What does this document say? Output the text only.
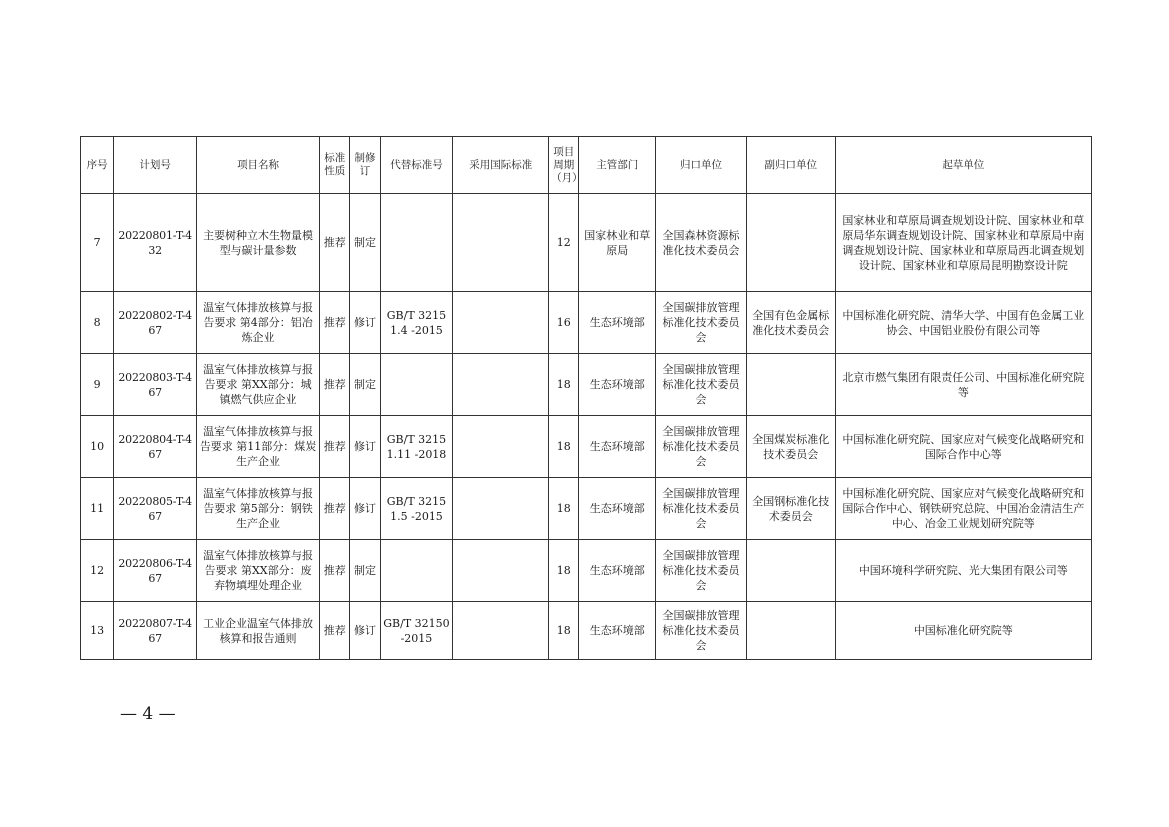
序号	计划号	项目名称	标准性质	制修订	代替标准号	采用国际标准	项目周期（月）	主管部门	归口单位	副归口单位	起草单位
7	20220801-T-432	主要树种立木生物量模型与碳计量参数	推荐	制定			12	国家林业和草原局	全国森林资源标准化技术委员会		国家林业和草原局调查规划设计院、国家林业和草原局华东调查规划设计院、国家林业和草原局中南调查规划设计院、国家林业和草原局西北调查规划设计院、国家林业和草原局昆明勘察设计院
8	20220802-T-467	温室气体排放核算与报告要求 第4部分：铝冶炼企业	推荐	修订	GB/T 32151.4 -2015		16	生态环境部	全国碳排放管理标准化技术委员会	全国有色金属标准化技术委员会	中国标准化研究院、清华大学、中国有色金属工业协会、中国铝业股份有限公司等
9	20220803-T-467	温室气体排放核算与报告要求 第XX部分：城镇燃气供应企业	推荐	制定			18	生态环境部	全国碳排放管理标准化技术委员会		北京市燃气集团有限责任公司、中国标准化研究院等
10	20220804-T-467	温室气体排放核算与报告要求 第11部分：煤炭生产企业	推荐	修订	GB/T 32151.11 -2018		18	生态环境部	全国碳排放管理标准化技术委员会	全国煤炭标准化技术委员会	中国标准化研究院、国家应对气候变化战略研究和国际合作中心等
11	20220805-T-467	温室气体排放核算与报告要求 第5部分：钢铁生产企业	推荐	修订	GB/T 32151.5 -2015		18	生态环境部	全国碳排放管理标准化技术委员会	全国钢标准化技术委员会	中国标准化研究院、国家应对气候变化战略研究和国际合作中心、钢铁研究总院、中国冶金清洁生产中心、冶金工业规划研究院等
12	20220806-T-467	温室气体排放核算与报告要求 第XX部分：废弃物填埋处理企业	推荐	制定			18	生态环境部	全国碳排放管理标准化技术委员会		中国环境科学研究院、光大集团有限公司等
13	20220807-T-467	工业企业温室气体排放核算和报告通则	推荐	修订	GB/T 32150-2015		18	生态环境部	全国碳排放管理标准化技术委员会		中国标准化研究院等
— 4 —
